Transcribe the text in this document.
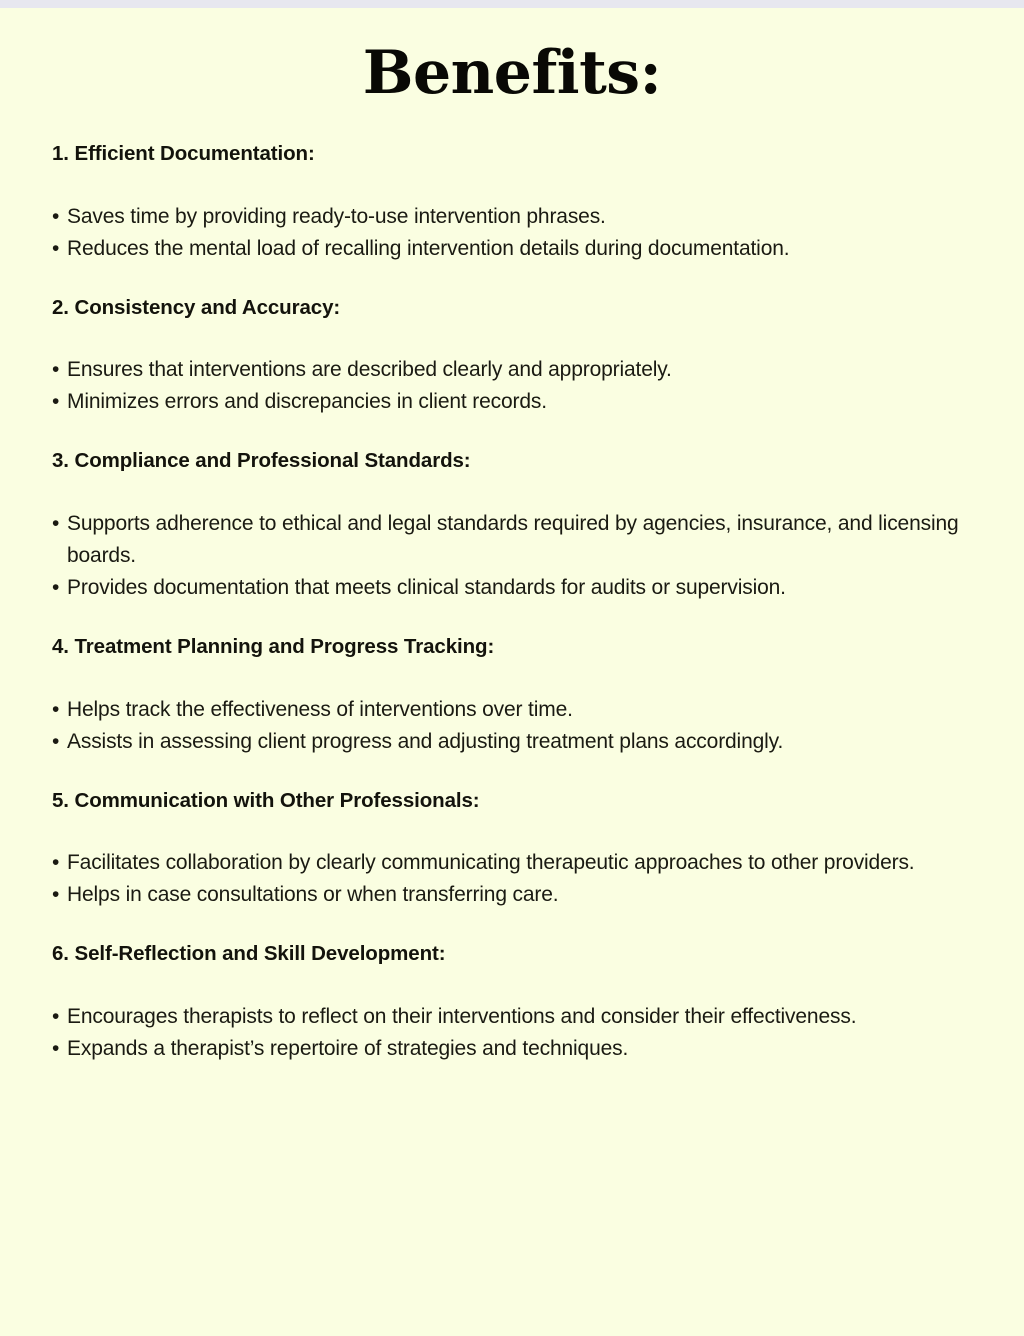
Benefits:
1. Efficient Documentation:
• Saves time by providing ready-to-use intervention phrases.
• Reduces the mental load of recalling intervention details during documentation.
2. Consistency and Accuracy:
• Ensures that interventions are described clearly and appropriately.
• Minimizes errors and discrepancies in client records.
3. Compliance and Professional Standards:
• Supports adherence to ethical and legal standards required by agencies, insurance, and licensing boards.
• Provides documentation that meets clinical standards for audits or supervision.
4. Treatment Planning and Progress Tracking:
• Helps track the effectiveness of interventions over time.
• Assists in assessing client progress and adjusting treatment plans accordingly.
5. Communication with Other Professionals:
• Facilitates collaboration by clearly communicating therapeutic approaches to other providers.
• Helps in case consultations or when transferring care.
6. Self-Reflection and Skill Development:
• Encourages therapists to reflect on their interventions and consider their effectiveness.
• Expands a therapist’s repertoire of strategies and techniques.
